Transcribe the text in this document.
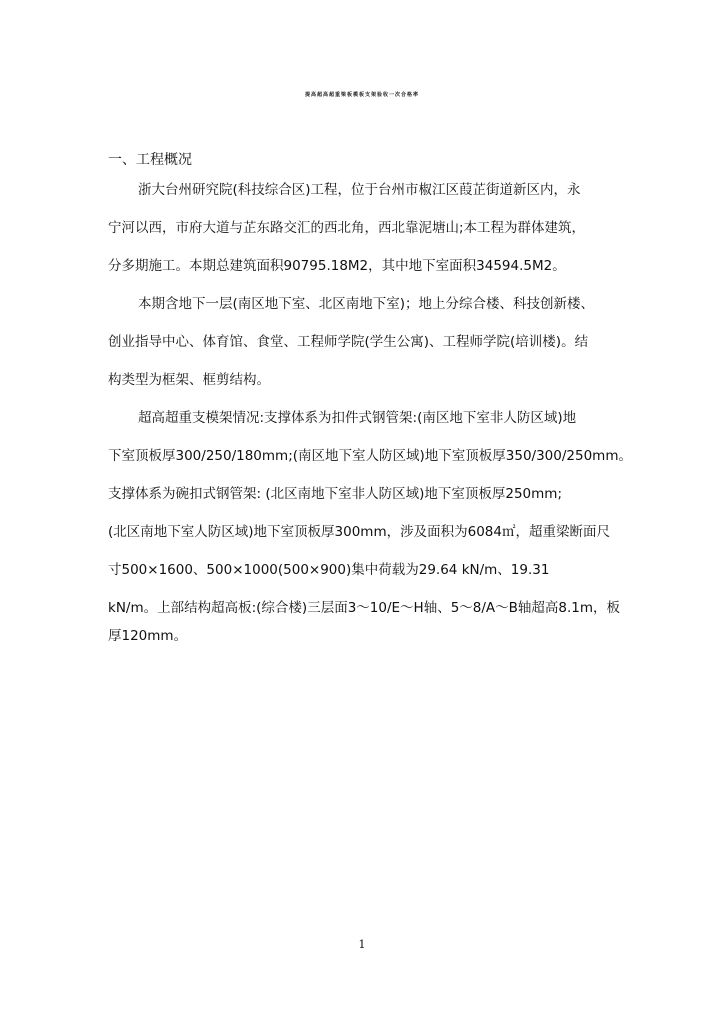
提高超高超重梁板模板支架验收一次合格率
一、工程概况
浙大台州研究院(科技综合区)工程，位于台州市椒江区葭芷街道新区内，永
宁河以西，市府大道与芷东路交汇的西北角，西北靠泥塘山;本工程为群体建筑，
分多期施工。本期总建筑面积90795.18M2，其中地下室面积34594.5M2。
本期含地下一层(南区地下室、北区南地下室)；地上分综合楼、科技创新楼、
创业指导中心、体育馆、食堂、工程师学院(学生公寓)、工程师学院(培训楼)。结
构类型为框架、框剪结构。
超高超重支模架情况:支撑体系为扣件式钢管架:(南区地下室非人防区域)地
下室顶板厚300/250/180mm;(南区地下室人防区域)地下室顶板厚350/300/250mm。
支撑体系为碗扣式钢管架: (北区南地下室非人防区域)地下室顶板厚250mm;
(北区南地下室人防区域)地下室顶板厚300mm，涉及面积为6084㎡，超重梁断面尺
寸500×1600、500×1000(500×900)集中荷载为29.64 kN/m、19.31
kN/m。上部结构超高板:(综合楼)三层面3～10/E～H轴、5～8/A～B轴超高8.1m，板
厚120mm。
1
